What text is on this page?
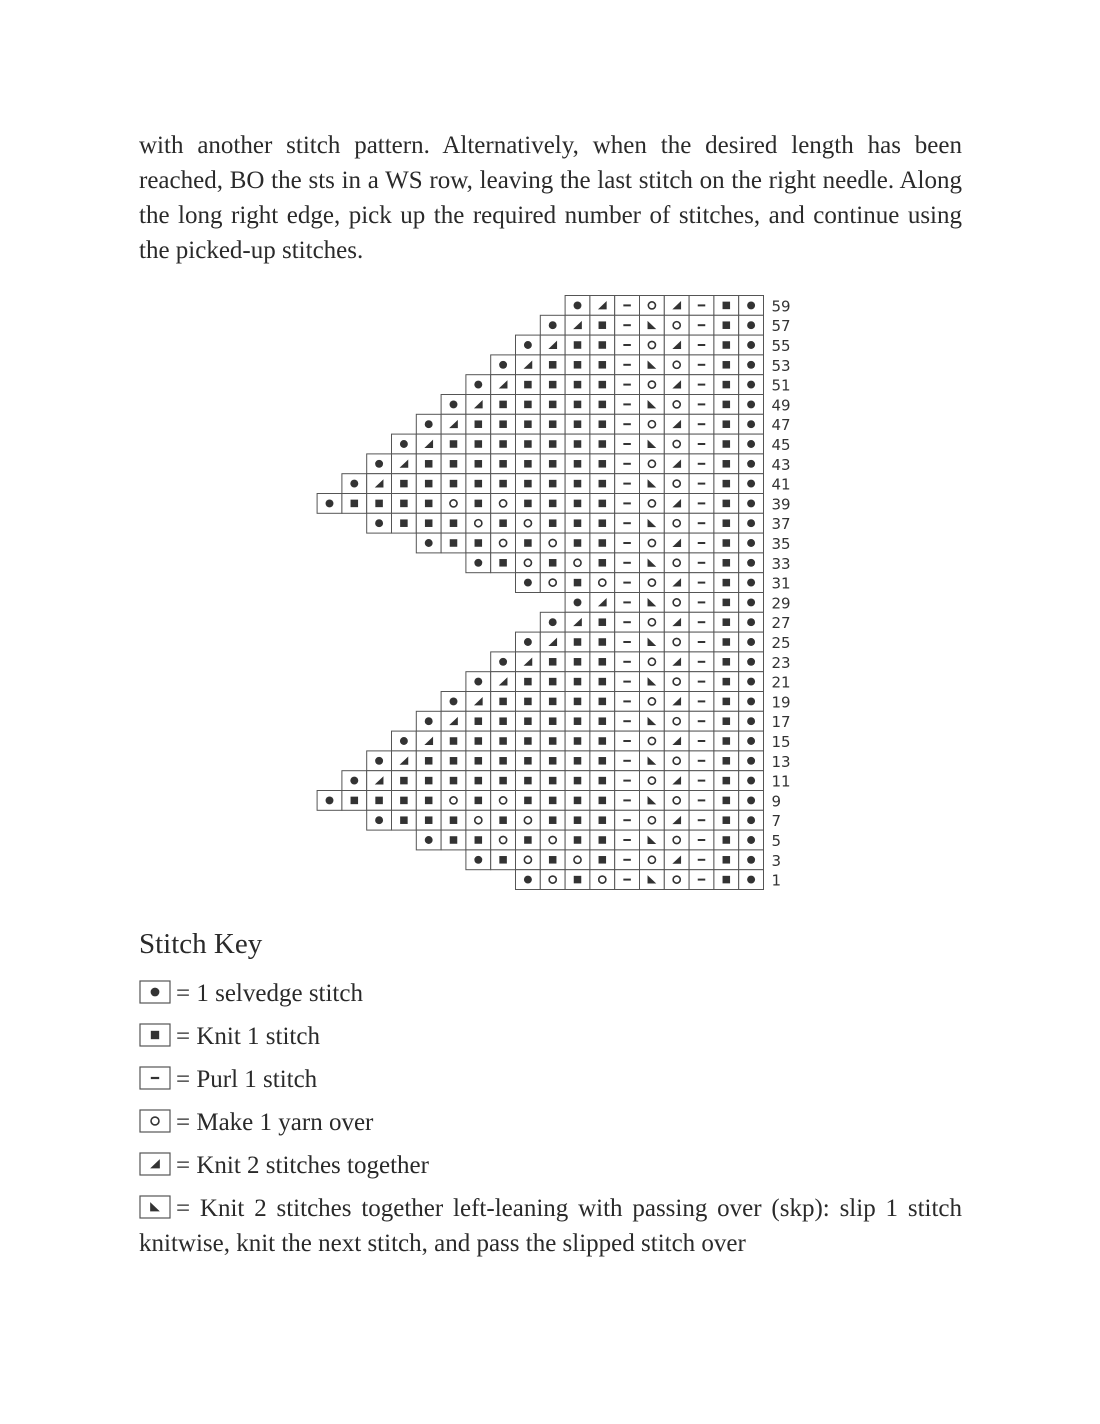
with another stitch pattern. Alternatively, when the desired length has been reached, BO the sts in a WS row, leaving the last stitch on the right needle. Along the long right edge, pick up the required number of stitches, and continue using the picked-up stitches.

59
57
55
53
51
49
47
45
43
41
39
37
35
33
31
29
27
25
23
21
19
17
15
13
11
9
7
5
3
1
Stitch Key

= 1 selvedge stitch

= Knit 1 stitch

= Purl 1 stitch

= Make 1 yarn over

= Knit 2 stitches together

= Knit 2 stitches together left-leaning with passing over (skp): slip 1 stitch knitwise, knit the next stitch, and pass the slipped stitch over
